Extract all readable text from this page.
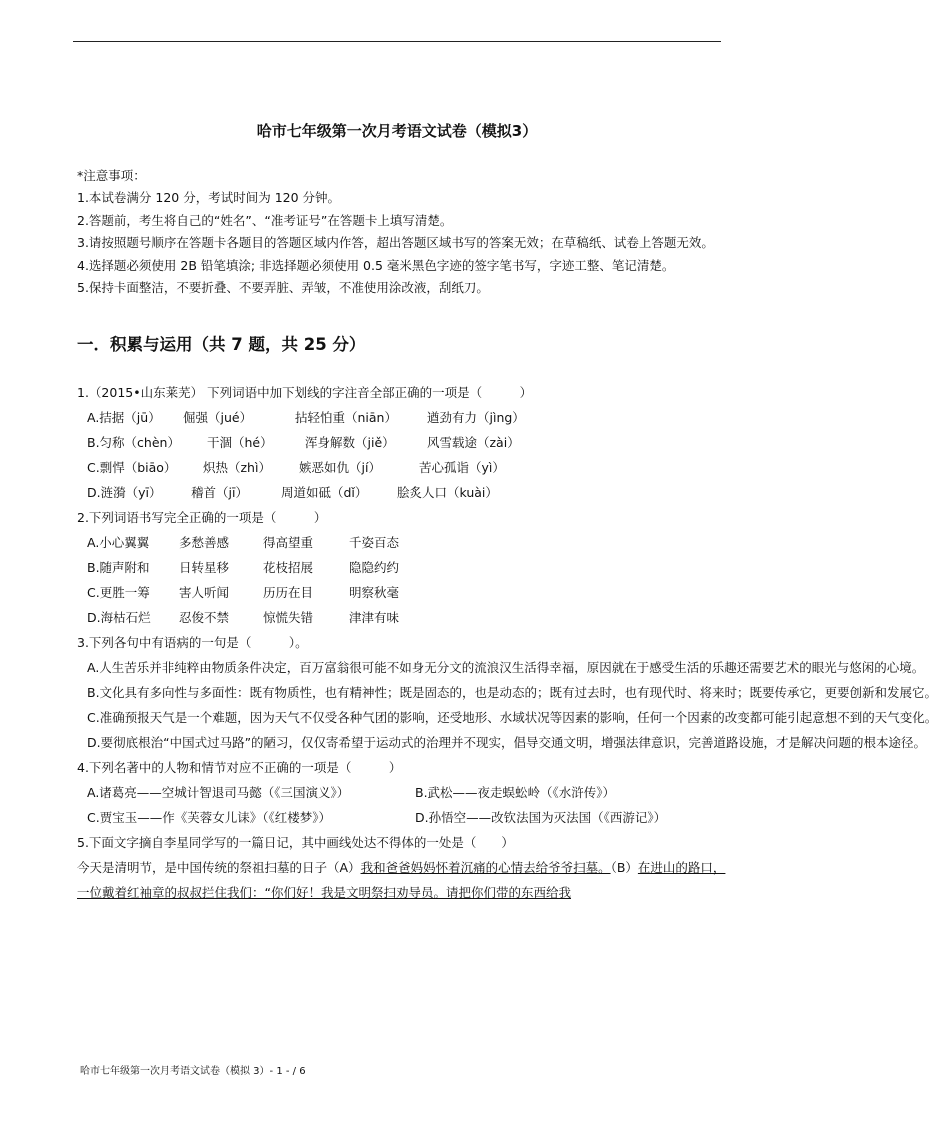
哈市七年级第一次月考语文试卷（模拟3）

*注意事项：

1.本试卷满分 120 分，考试时间为 120 分钟。

2.答题前，考生将自己的“姓名”、“准考证号”在答题卡上填写清楚。

3.请按照题号顺序在答题卡各题目的答题区域内作答，超出答题区域书写的答案无效；在草稿纸、试卷上答题无效。

4.选择题必须使用 2B 铅笔填涂; 非选择题必须使用 0.5 毫米黑色字迹的签字笔书写，字迹工整、笔记清楚。

5.保持卡面整洁，不要折叠、不要弄脏、弄皱，不准使用涂改液，刮纸刀。

一．积累与运用（共 7 题，共 25 分）

1.（2015•山东莱芜） 下列词语中加下划线的字注音全部正确的一项是（　　　）

A.拮据（jū） 倔强（jué）	拈轻怕重（niān） 遒劲有力（jìng）

B.匀称（chèn） 干涸（hé）	浑身解数（jiě）	风雪载途（zài）

C.剽悍（biāo） 炽热（zhì） 嫉恶如仇（jí）	苦心孤诣（yì）

D.涟漪（yī） 稽首（jī）	周道如砥（dǐ） 脍炙人口（kuài）

2.下列词语书写完全正确的一项是（　　　）

A.小心翼翼 多愁善感	得高望重	千姿百态

B.随声附和 日转星移	花枝招展	隐隐约约

C.更胜一筹 害人听闻	历历在目	明察秋毫

D.海枯石烂 忍俊不禁	惊慌失错	津津有味

3.下列各句中有语病的一句是（　　　）。

A.人生苦乐并非纯粹由物质条件决定，百万富翁很可能不如身无分文的流浪汉生活得幸福，原因就在于感受生活的乐趣还需要艺术的眼光与悠闲的心境。

B.文化具有多向性与多面性：既有物质性，也有精神性；既是固态的，也是动态的；既有过去时，也有现代时、将来时；既要传承它，更要创新和发展它。

C.准确预报天气是一个难题，因为天气不仅受各种气团的影响，还受地形、水域状况等因素的影响，任何一个因素的改变都可能引起意想不到的天气变化。

D.要彻底根治“中国式过马路”的陋习，仅仅寄希望于运动式的治理并不现实，倡导交通文明，增强法律意识，完善道路设施，才是解决问题的根本途径。

4.下列名著中的人物和情节对应不正确的一项是（　　　）

A.诸葛亮——空城计智退司马懿（《三国演义》）	B.武松——夜走蜈蚣岭（《水浒传》）

C.贾宝玉——作《芙蓉女儿诔》（《红楼梦》）	D.孙悟空——改钦法国为灭法国（《西游记》）

5.下面文字摘自李星同学写的一篇日记，其中画线处达不得体的一处是（　　）

今天是清明节，是中国传统的祭祖扫墓的日子（A）我和爸爸妈妈怀着沉痛的心情去给爷爷扫墓。（B）在进山的路口，一位戴着红袖章的叔叔拦住我们：“你们好！我是文明祭扫劝导员。请把你们带的东西给我

哈市七年级第一次月考语文试卷（模拟 3）- 1 - / 6
